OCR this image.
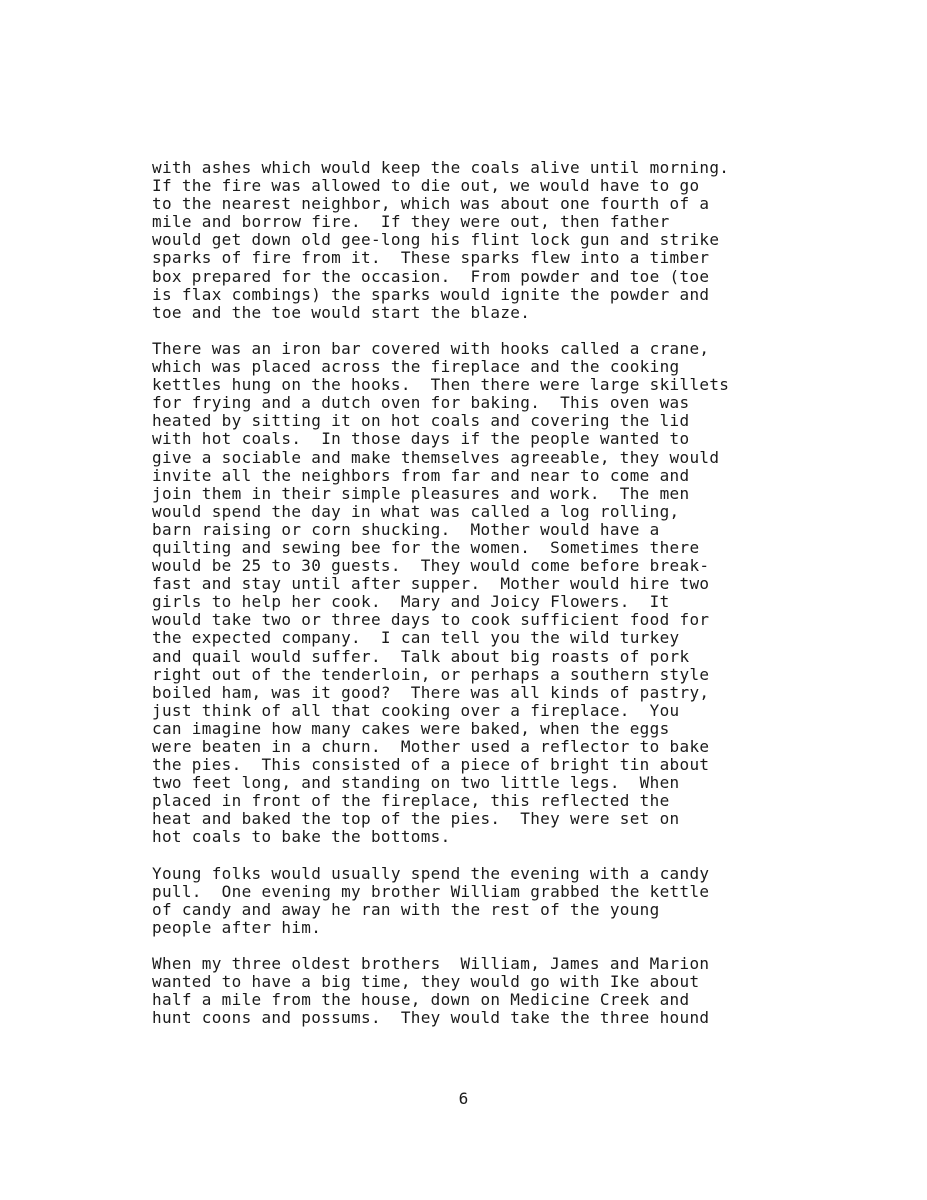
with ashes which would keep the coals alive until morning.
If the fire was allowed to die out, we would have to go
to the nearest neighbor, which was about one fourth of a
mile and borrow fire.  If they were out, then father
would get down old gee-long his flint lock gun and strike
sparks of fire from it.  These sparks flew into a timber
box prepared for the occasion.  From powder and toe (toe
is flax combings) the sparks would ignite the powder and
toe and the toe would start the blaze.
There was an iron bar covered with hooks called a crane,
which was placed across the fireplace and the cooking
kettles hung on the hooks.  Then there were large skillets
for frying and a dutch oven for baking.  This oven was
heated by sitting it on hot coals and covering the lid
with hot coals.  In those days if the people wanted to
give a sociable and make themselves agreeable, they would
invite all the neighbors from far and near to come and
join them in their simple pleasures and work.  The men
would spend the day in what was called a log rolling,
barn raising or corn shucking.  Mother would have a
quilting and sewing bee for the women.  Sometimes there
would be 25 to 30 guests.  They would come before break-
fast and stay until after supper.  Mother would hire two
girls to help her cook.  Mary and Joicy Flowers.  It
would take two or three days to cook sufficient food for
the expected company.  I can tell you the wild turkey
and quail would suffer.  Talk about big roasts of pork
right out of the tenderloin, or perhaps a southern style
boiled ham, was it good?  There was all kinds of pastry,
just think of all that cooking over a fireplace.  You
can imagine how many cakes were baked, when the eggs
were beaten in a churn.  Mother used a reflector to bake
the pies.  This consisted of a piece of bright tin about
two feet long, and standing on two little legs.  When
placed in front of the fireplace, this reflected the
heat and baked the top of the pies.  They were set on
hot coals to bake the bottoms.
Young folks would usually spend the evening with a candy
pull.  One evening my brother William grabbed the kettle
of candy and away he ran with the rest of the young
people after him.
When my three oldest brothers  William, James and Marion
wanted to have a big time, they would go with Ike about
half a mile from the house, down on Medicine Creek and
hunt coons and possums.  They would take the three hound
6
